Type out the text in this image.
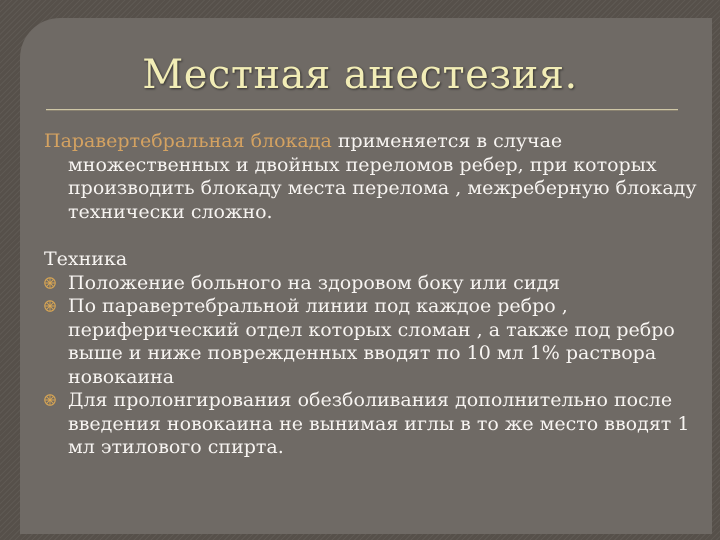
Местная анестезия.

Паравертебральная блокада применяется в случае множественных и двойных переломов ребер, при которых производить блокаду места перелома , межреберную блокаду технически сложно.

Техника
Положение больного на здоровом боку или сидя
По паравертебральной линии под каждое ребро , периферический отдел которых сломан , а также под ребро выше и ниже поврежденных вводят по 10 мл 1% раствора новокаина
Для пролонгирования обезболивания дополнительно после введения новокаина не вынимая иглы в то же место вводят 1 мл этилового спирта.
